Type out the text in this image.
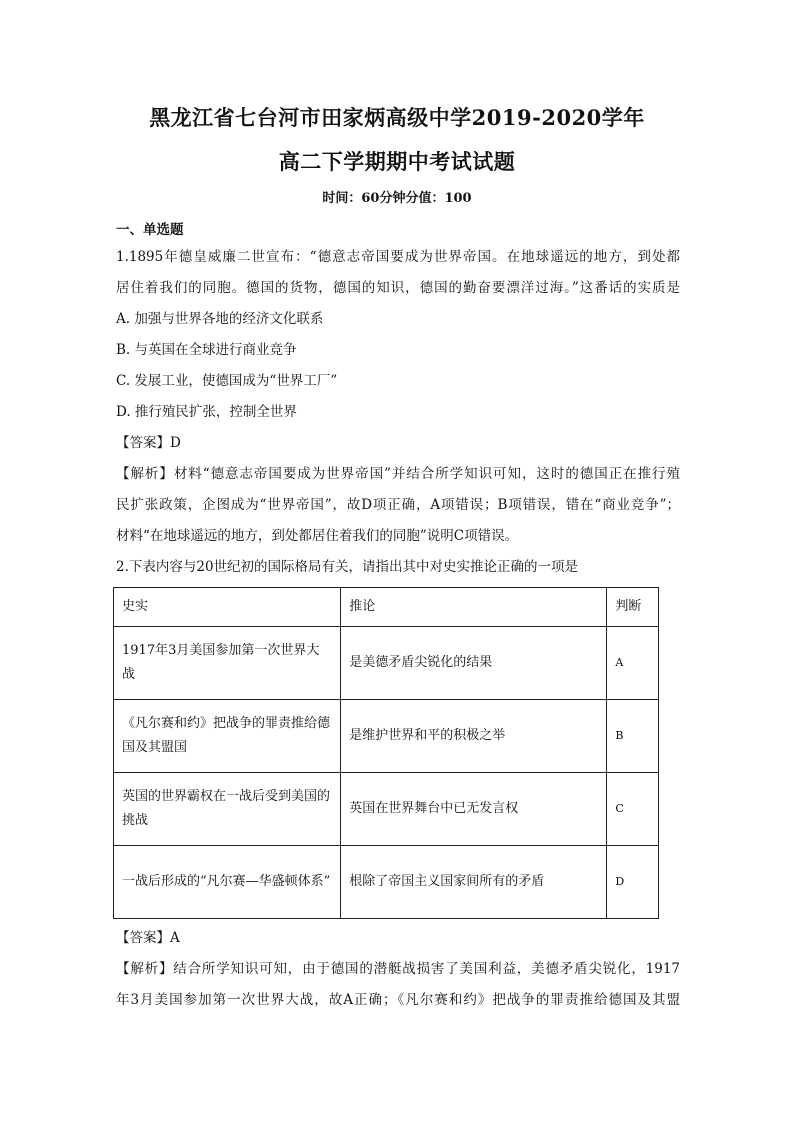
黑龙江省七台河市田家炳高级中学2019-2020学年
高二下学期期中考试试题
时间：60分钟分值：100
一、单选题
1.1895年德皇威廉二世宣布：“德意志帝国要成为世界帝国。在地球遥远的地方，到处都
居住着我们的同胞。德国的货物，德国的知识，德国的勤奋要漂洋过海。”这番话的实质是
A. 加强与世界各地的经济文化联系
B. 与英国在全球进行商业竞争
C. 发展工业，使德国成为“世界工厂”
D. 推行殖民扩张，控制全世界
【答案】D
【解析】材料“德意志帝国要成为世界帝国”并结合所学知识可知，这时的德国正在推行殖
民扩张政策，企图成为“世界帝国”，故D项正确，A项错误；B项错误，错在“商业竞争”；
材料“在地球遥远的地方，到处都居住着我们的同胞”说明C项错误。
2.下表内容与20世纪初的国际格局有关，请指出其中对史实推论正确的一项是
史实	推论	判断
1917年3月美国参加第一次世界大战	是美德矛盾尖锐化的结果	A
《凡尔赛和约》把战争的罪责推给德国及其盟国	是维护世界和平的积极之举	B
英国的世界霸权在一战后受到美国的挑战	英国在世界舞台中已无发言权	C
一战后形成的“凡尔赛—华盛顿体系”	根除了帝国主义国家间所有的矛盾	D
【答案】A
【解析】结合所学知识可知，由于德国的潜艇战损害了美国利益，美德矛盾尖锐化，1917
年3月美国参加第一次世界大战，故A正确；《凡尔赛和约》把战争的罪责推给德国及其盟
